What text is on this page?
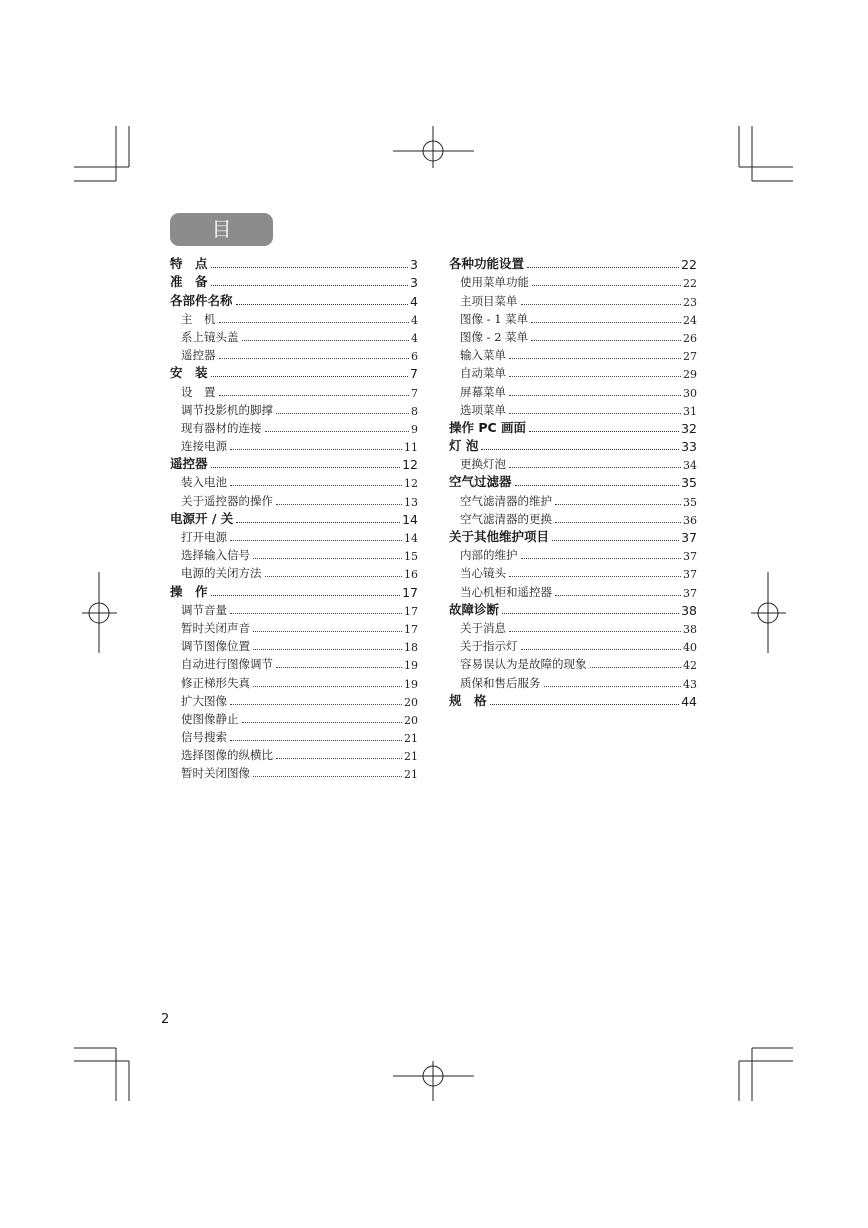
目　录
特　点	3
准　备	3
各部件名称	4
主　机	4
系上镜头盖	4
遥控器	6
安　装	7
设　置	7
调节投影机的脚撑	8
现有器材的连接	9
连接电源	11
遥控器	12
装入电池	12
关于遥控器的操作	13
电源开 / 关	14
打开电源	14
选择输入信号	15
电源的关闭方法	16
操　作	17
调节音量	17
暂时关闭声音	17
调节图像位置	18
自动进行图像调节	19
修正梯形失真	19
扩大图像	20
使图像静止	20
信号搜索	21
选择图像的纵横比	21
暂时关闭图像	21
各种功能设置	22
使用菜单功能	22
主项目菜单	23
图像 - 1 菜单	24
图像 - 2 菜单	26
输入菜单	27
自动菜单	29
屏幕菜单	30
选项菜单	31
操作 PC 画面	32
灯 泡	33
更换灯泡	34
空气过滤器	35
空气滤清器的维护	35
空气滤清器的更换	36
关于其他维护项目	37
内部的维护	37
当心镜头	37
当心机柜和遥控器	37
故障诊断	38
关于消息	38
关于指示灯	40
容易误认为是故障的现象	42
质保和售后服务	43
规　格	44
2
